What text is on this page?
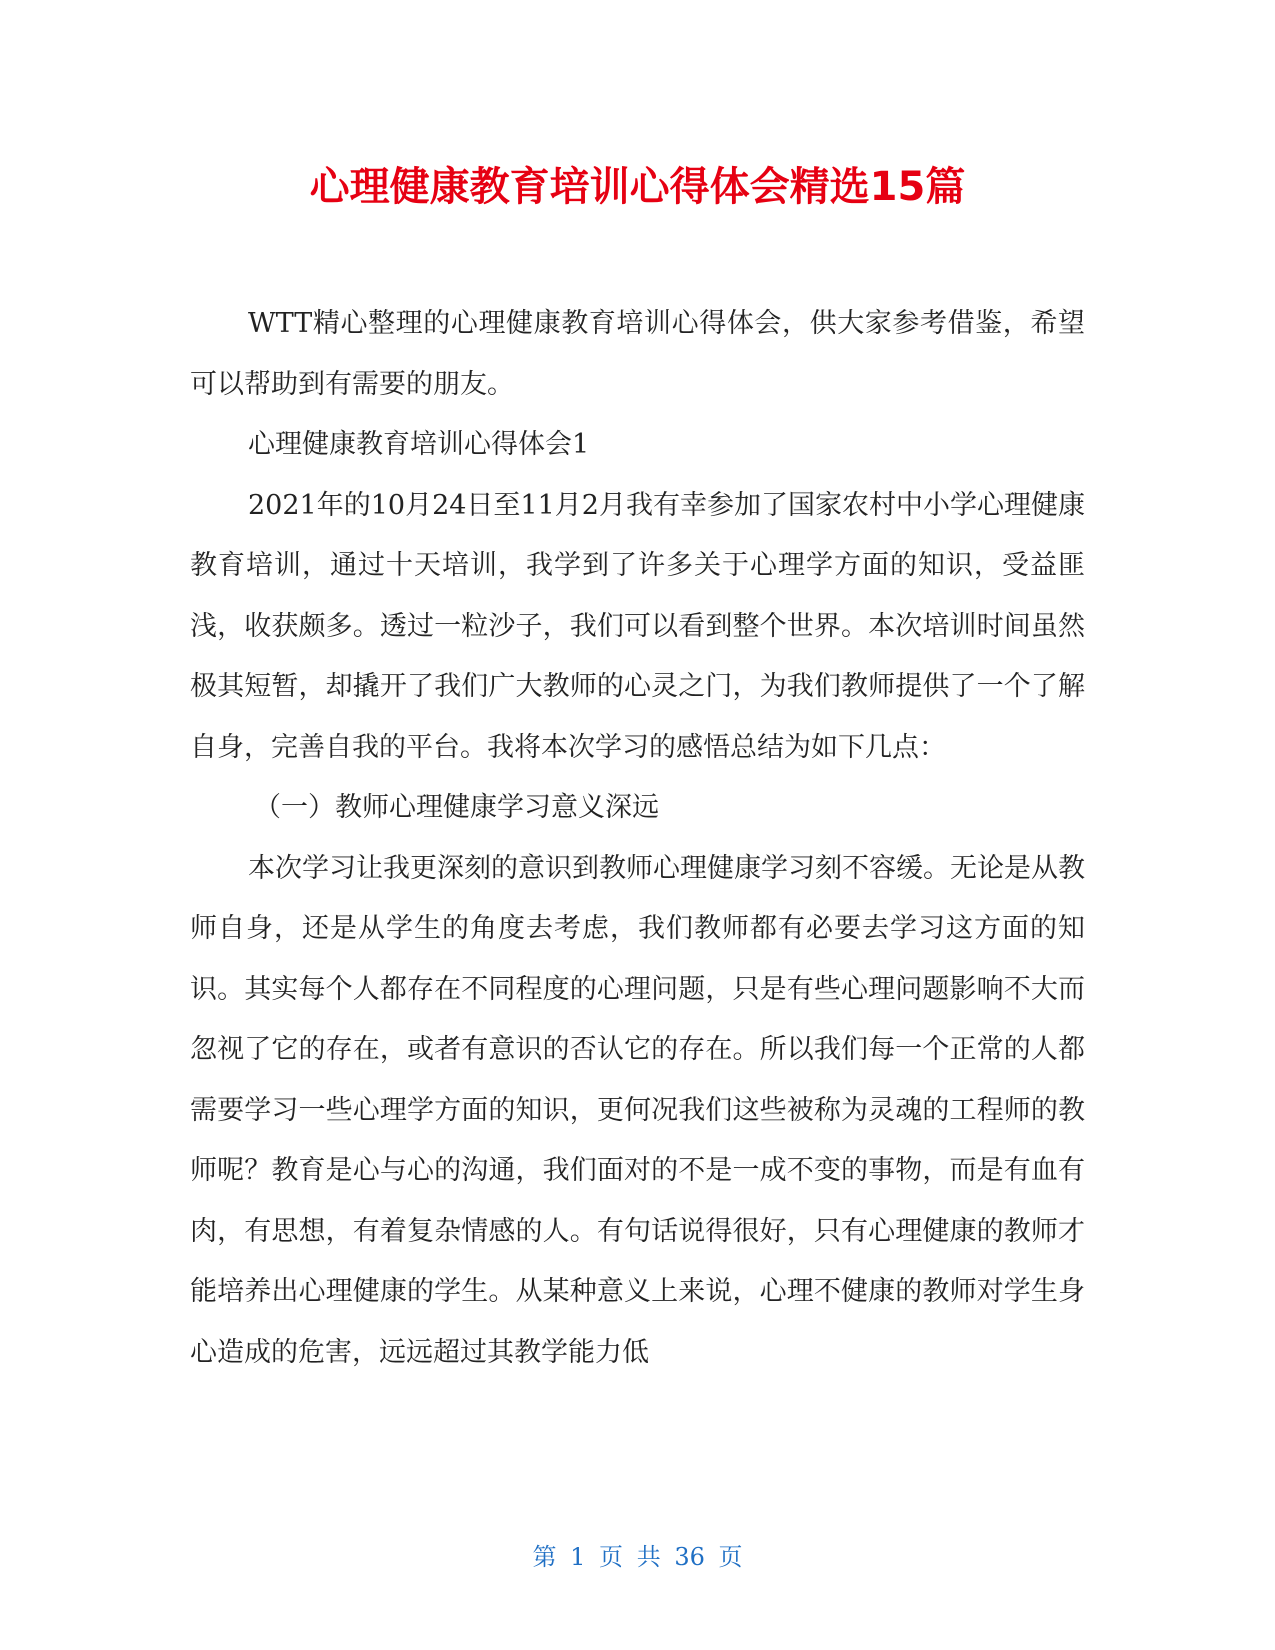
心理健康教育培训心得体会精选15篇

WTT精心整理的心理健康教育培训心得体会，供大家参考借鉴，希望可以帮助到有需要的朋友。

心理健康教育培训心得体会1

2021年的10月24日至11月2月我有幸参加了国家农村中小学心理健康教育培训，通过十天培训，我学到了许多关于心理学方面的知识，受益匪浅，收获颇多。透过一粒沙子，我们可以看到整个世界。本次培训时间虽然极其短暂，却撬开了我们广大教师的心灵之门，为我们教师提供了一个了解自身，完善自我的平台。我将本次学习的感悟总结为如下几点：

（一）教师心理健康学习意义深远

本次学习让我更深刻的意识到教师心理健康学习刻不容缓。无论是从教师自身，还是从学生的角度去考虑，我们教师都有必要去学习这方面的知识。其实每个人都存在不同程度的心理问题，只是有些心理问题影响不大而忽视了它的存在，或者有意识的否认它的存在。所以我们每一个正常的人都需要学习一些心理学方面的知识，更何况我们这些被称为灵魂的工程师的教师呢？教育是心与心的沟通，我们面对的不是一成不变的事物，而是有血有肉，有思想，有着复杂情感的人。有句话说得很好，只有心理健康的教师才能培养出心理健康的学生。从某种意义上来说，心理不健康的教师对学生身心造成的危害，远远超过其教学能力低

第 1 页 共 36 页
